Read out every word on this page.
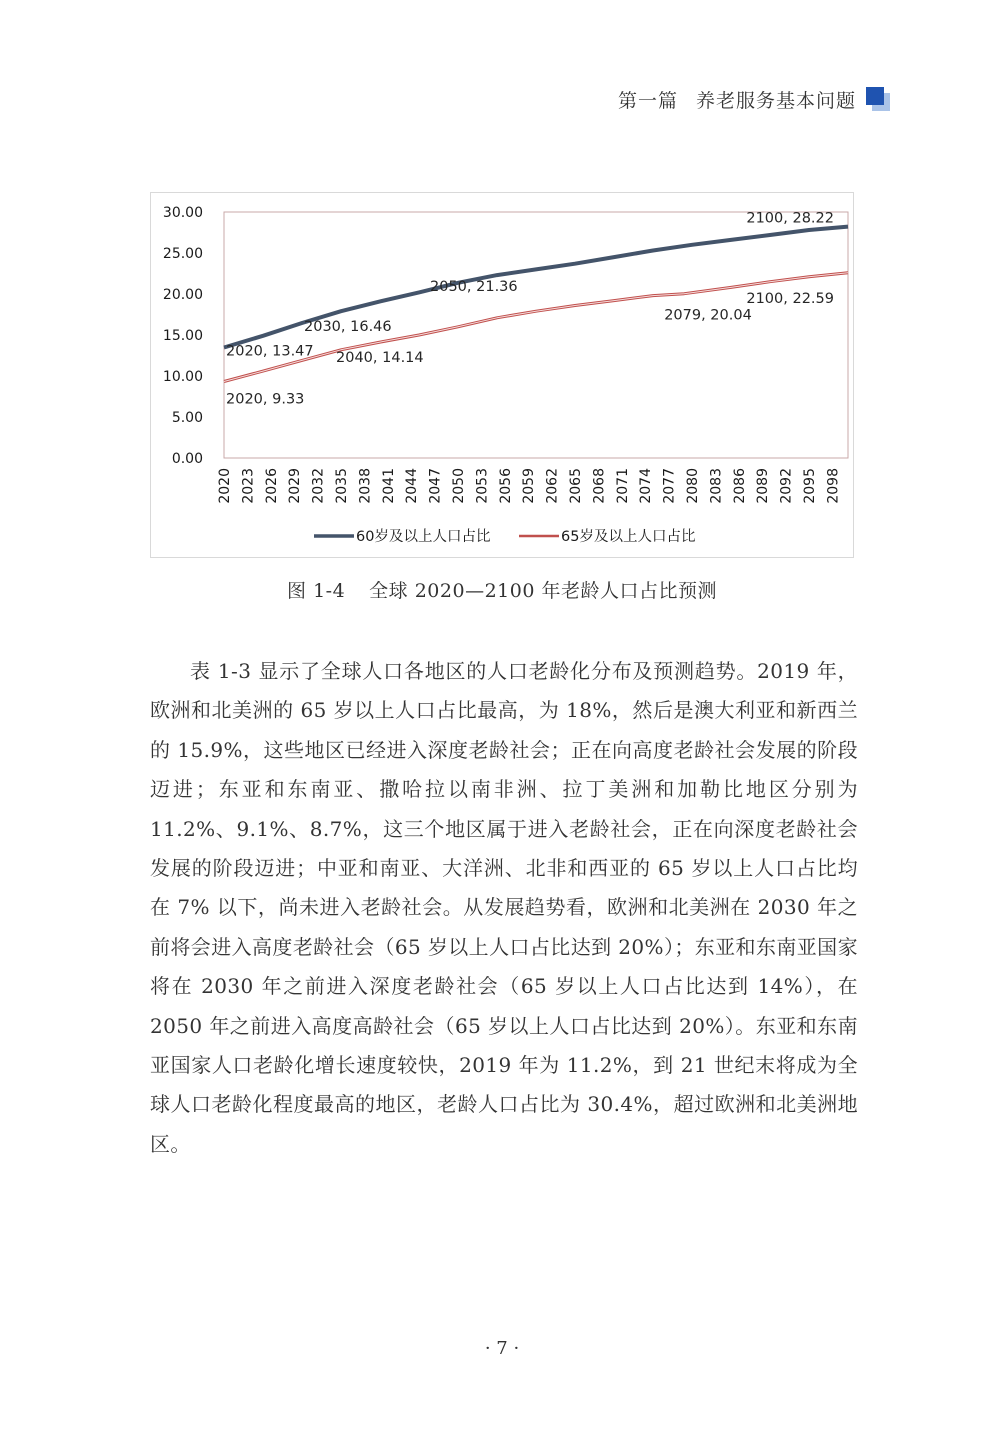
第一篇 养老服务基本问题
0.00
5.00
10.00
15.00
20.00
25.00
30.00
2020 2023 2026 2029 2032 2035 2038 2041 2044 2047 2050 2053 2056 2059 2062 2065 2068 2071 2074 2077 2080 2083 2086 2089 2092 2095 2098
2020, 13.47
2030, 16.46
2050, 21.36
2100, 28.22
2020, 9.33
2040, 14.14
2079, 20.04
2100, 22.59
60岁及以上人口占比	65岁及以上人口占比
图 1-4 全球 2020—2100 年老龄人口占比预测
表 1-3 显示了全球人口各地区的人口老龄化分布及预测趋势。2019 年，欧洲和北美洲的 65 岁以上人口占比最高，为 18%，然后是澳大利亚和新西兰的 15.9%，这些地区已经进入深度老龄社会；正在向高度老龄社会发展的阶段迈进；东亚和东南亚、撒哈拉以南非洲、拉丁美洲和加勒比地区分别为 11.2%、9.1%、8.7%，这三个地区属于进入老龄社会，正在向深度老龄社会发展的阶段迈进；中亚和南亚、大洋洲、北非和西亚的 65 岁以上人口占比均在 7% 以下，尚未进入老龄社会。从发展趋势看，欧洲和北美洲在 2030 年之前将会进入高度老龄社会（65 岁以上人口占比达到 20%）；东亚和东南亚国家将在 2030 年之前进入深度老龄社会（65 岁以上人口占比达到 14%），在 2050 年之前进入高度高龄社会（65 岁以上人口占比达到 20%）。东亚和东南亚国家人口老龄化增长速度较快，2019 年为 11.2%，到 21 世纪末将成为全球人口老龄化程度最高的地区，老龄人口占比为 30.4%，超过欧洲和北美洲地区。
· 7 ·
